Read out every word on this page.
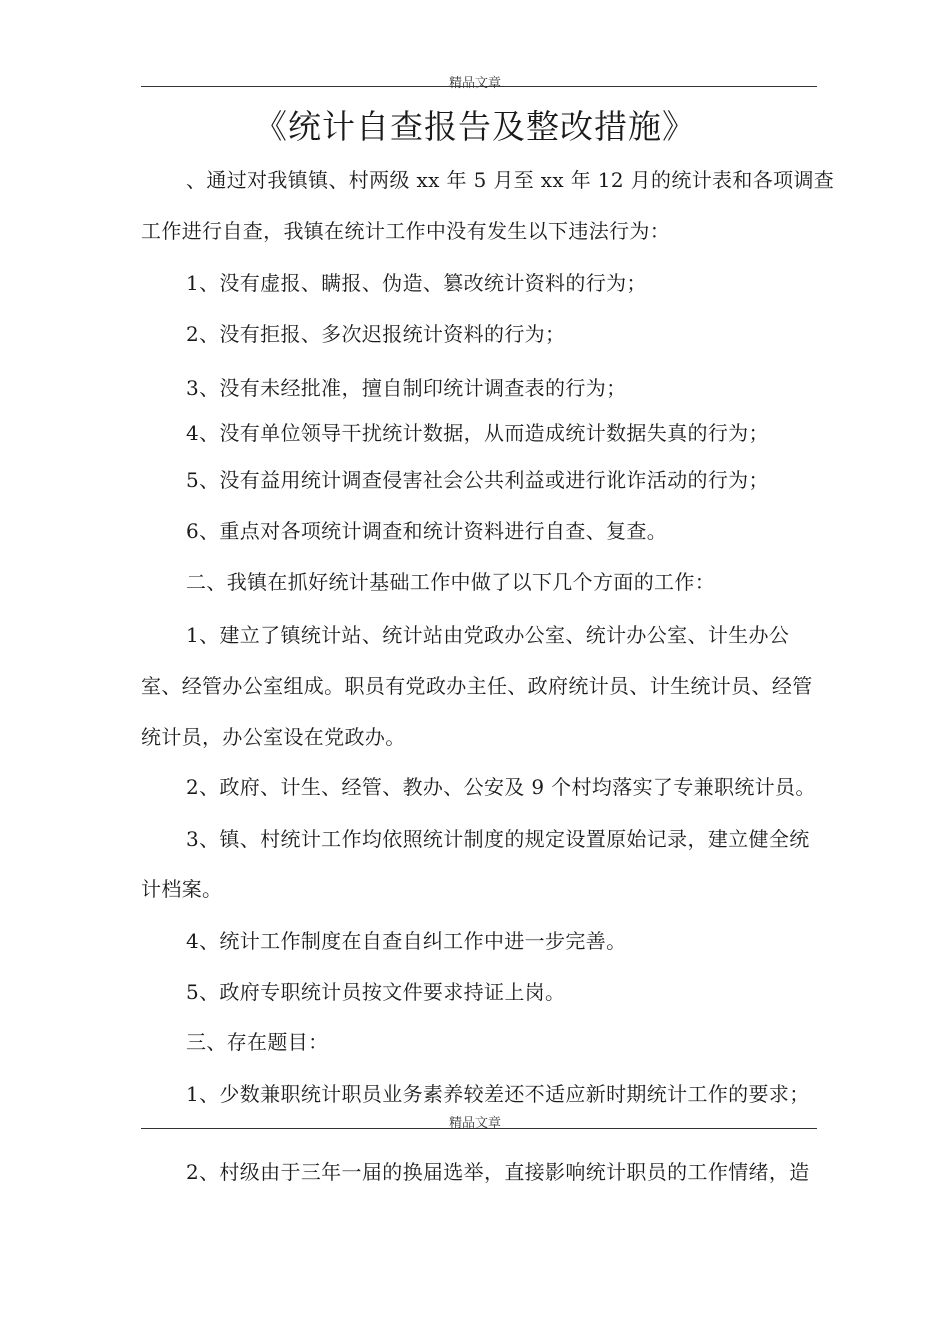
精品文章
《统计自查报告及整改措施》
、通过对我镇镇、村两级 xx 年 5 月至 xx 年 12 月的统计表和各项调查
工作进行自查，我镇在统计工作中没有发生以下违法行为：
1、没有虚报、瞒报、伪造、篡改统计资料的行为；
2、没有拒报、多次迟报统计资料的行为；
3、没有未经批准，擅自制印统计调查表的行为；
4、没有单位领导干扰统计数据，从而造成统计数据失真的行为；
5、没有益用统计调查侵害社会公共利益或进行讹诈活动的行为；
6、重点对各项统计调查和统计资料进行自查、复查。
二、我镇在抓好统计基础工作中做了以下几个方面的工作：
1、建立了镇统计站、统计站由党政办公室、统计办公室、计生办公
室、经管办公室组成。职员有党政办主任、政府统计员、计生统计员、经管
统计员，办公室设在党政办。
2、政府、计生、经管、教办、公安及 9 个村均落实了专兼职统计员。
3、镇、村统计工作均依照统计制度的规定设置原始记录，建立健全统
计档案。
4、统计工作制度在自查自纠工作中进一步完善。
5、政府专职统计员按文件要求持证上岗。
三、存在题目：
1、少数兼职统计职员业务素养较差还不适应新时期统计工作的要求；
精品文章
2、村级由于三年一届的换届选举，直接影响统计职员的工作情绪，造
